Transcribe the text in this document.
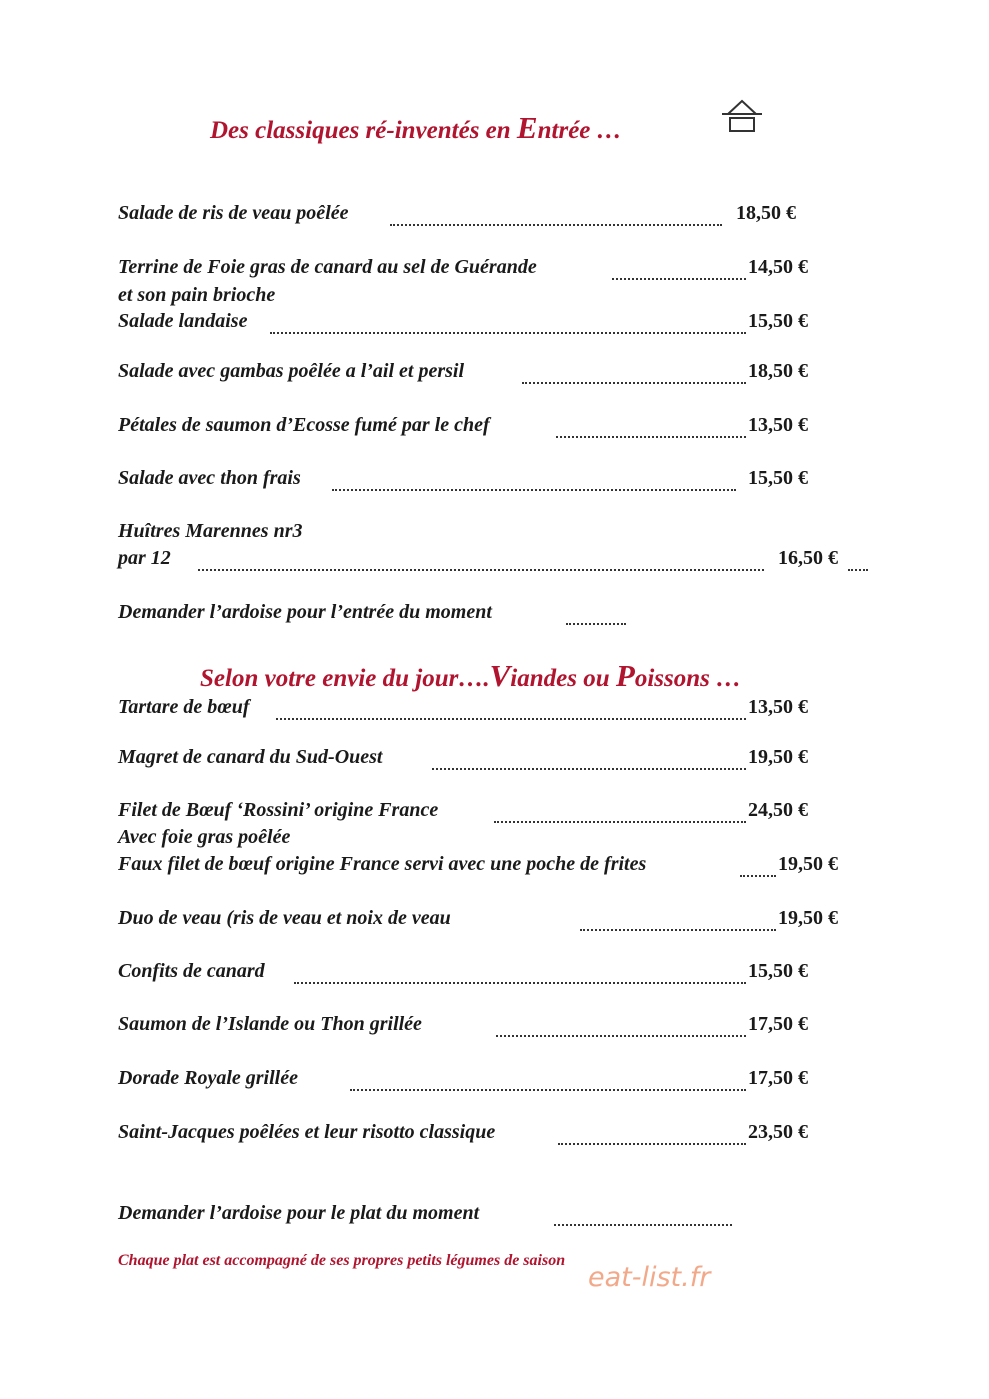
Des classiques ré-inventés en Entrée …
Salade de ris de veau poêlée	18,50 €
Terrine de Foie gras de canard au sel de Guérande	14,50 €
et son pain brioche
Salade landaise	15,50 €
Salade avec gambas poêlée a l’ail et persil	18,50 €
Pétales de saumon d’Ecosse fumé par le chef	13,50 €
Salade avec thon frais	15,50 €
Huîtres Marennes nr3
par 12	16,50 €
Demander l’ardoise pour l’entrée du moment
Selon votre envie du jour….Viandes ou Poissons …
Tartare de bœuf	13,50 €
Magret de canard du Sud-Ouest	19,50 €
Filet de Bœuf ‘Rossini’ origine France	24,50 €
Avec foie gras poêlée
Faux filet de bœuf origine France servi avec une poche de frites	19,50 €
Duo de veau (ris de veau et noix de veau	19,50 €
Confits de canard	15,50 €
Saumon de l’Islande ou Thon grillée	17,50 €
Dorade Royale grillée	17,50 €
Saint-Jacques poêlées et leur risotto classique	23,50 €
Demander l’ardoise pour le plat du moment
Chaque plat est accompagné de ses propres petits légumes de saison
eat-list.fr
